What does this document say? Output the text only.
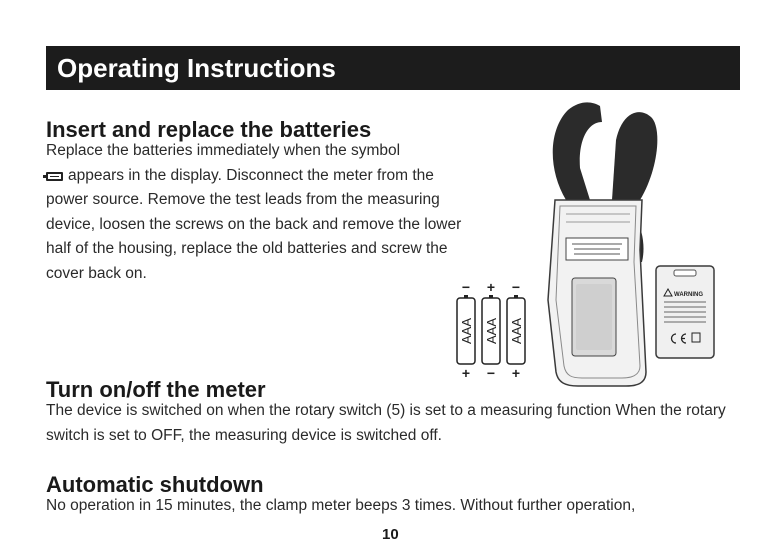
Operating Instructions
Insert and replace the batteries

Replace the batteries immediately when the symbol
appears in the display. Disconnect the meter from the power source. Remove the test leads from the measuring device, loosen the screws on the back and remove the lower half of the housing, replace the old batteries and screw the cover back on.

−
AAA
+
+
AAA
−
−
AAA
+
WARNING
Turn on/off the meter

The device is switched on when the rotary switch (5) is set to a measuring function When the rotary switch is set to OFF, the measuring device is switched off.

Automatic shutdown

No operation in 15 minutes, the clamp meter beeps 3 times. Without further operation,

10
